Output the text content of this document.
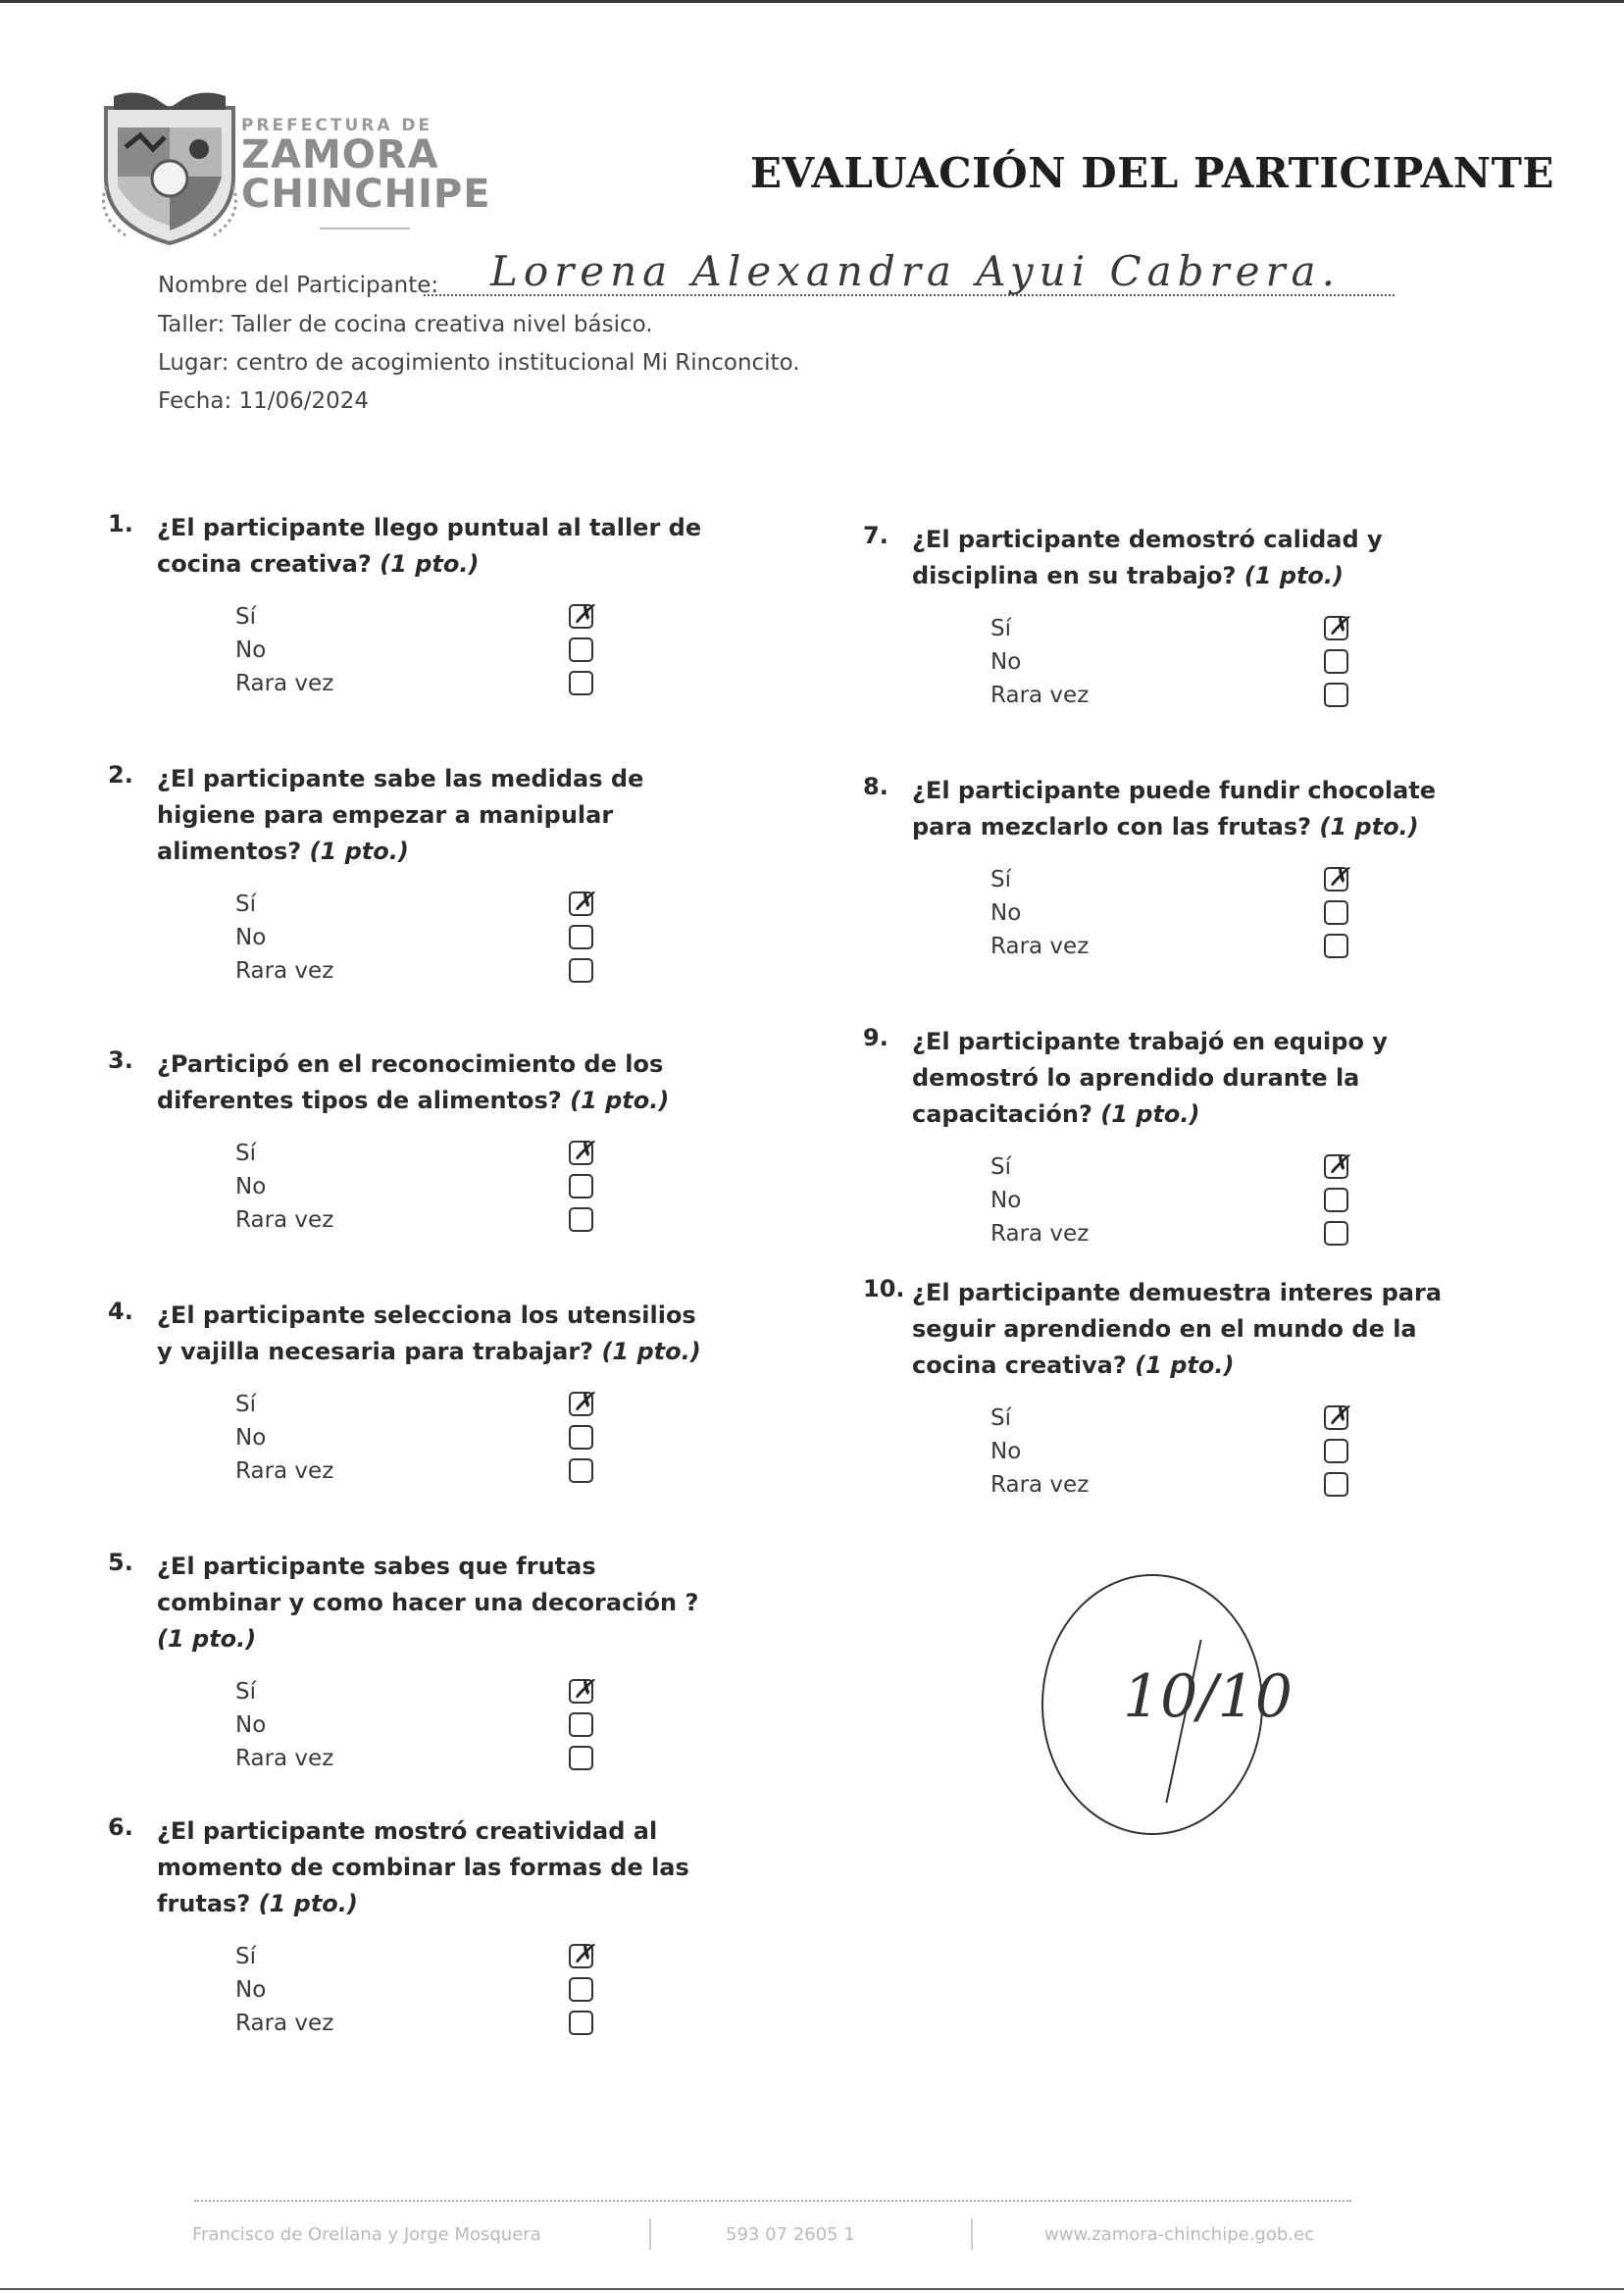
PREFECTURA DE
ZAMORA
CHINCHIPE	EVALUACIÓN DEL PARTICIPANTE
Nombre del Participante: Lorena Alexandra Ayui Cabrera.
Taller: Taller de cocina creativa nivel básico.
Lugar: centro de acogimiento institucional Mi Rinconcito.
Fecha: 11/06/2024
1. ¿El participante llego puntual al taller de cocina creativa? (1 pto.)
Sí	✗
No
Rara vez
2. ¿El participante sabe las medidas de higiene para empezar a manipular alimentos? (1 pto.)
Sí	✗
No
Rara vez
3. ¿Participó en el reconocimiento de los diferentes tipos de alimentos? (1 pto.)
Sí	✗
No
Rara vez
4. ¿El participante selecciona los utensilios y vajilla necesaria para trabajar? (1 pto.)
Sí	✗
No
Rara vez
5. ¿El participante sabes que frutas combinar y como hacer una decoración ? (1 pto.)
Sí	✗
No
Rara vez
6. ¿El participante mostró creatividad al momento de combinar las formas de las frutas? (1 pto.)
Sí	✗
No
Rara vez
7. ¿El participante demostró calidad y disciplina en su trabajo? (1 pto.)
Sí	✗
No
Rara vez
8. ¿El participante puede fundir chocolate para mezclarlo con las frutas? (1 pto.)
Sí	✗
No
Rara vez
9. ¿El participante trabajó en equipo y demostró lo aprendido durante la capacitación? (1 pto.)
Sí	✗
No
Rara vez
10. ¿El participante demuestra interes para seguir aprendiendo en el mundo de la cocina creativa? (1 pto.)
Sí	✗
No
Rara vez
10/10
Francisco de Orellana y Jorge Mosquera	593 07 2605 1	www.zamora-chinchipe.gob.ec
